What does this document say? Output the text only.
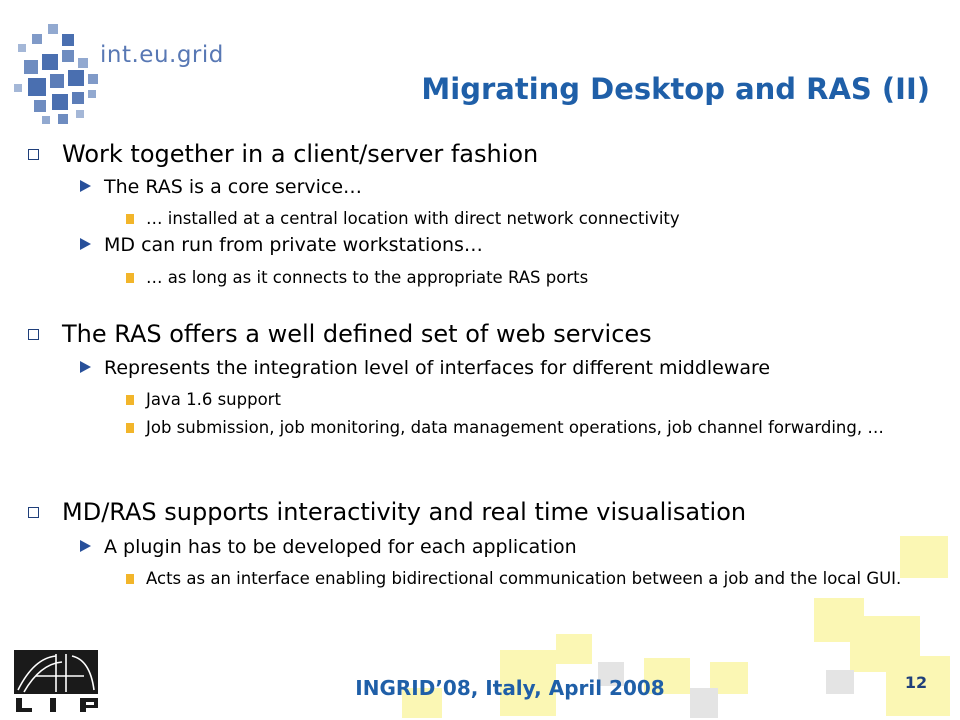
int.eu.grid
Migrating Desktop and RAS (II)
Work together in a client/server fashion
The RAS is a core service…
… installed at a central location with direct network connectivity
MD can run from private workstations…
… as long as it connects to the appropriate RAS ports
The RAS offers a well defined set of web services
Represents the integration level of interfaces for different middleware
Java 1.6 support
Job submission, job monitoring, data management operations, job channel forwarding, …
MD/RAS supports interactivity and real time visualisation
A plugin has to be developed for each application
Acts as an interface enabling bidirectional communication between a job and the local GUI.
INGRID’08, Italy, April 2008	12
